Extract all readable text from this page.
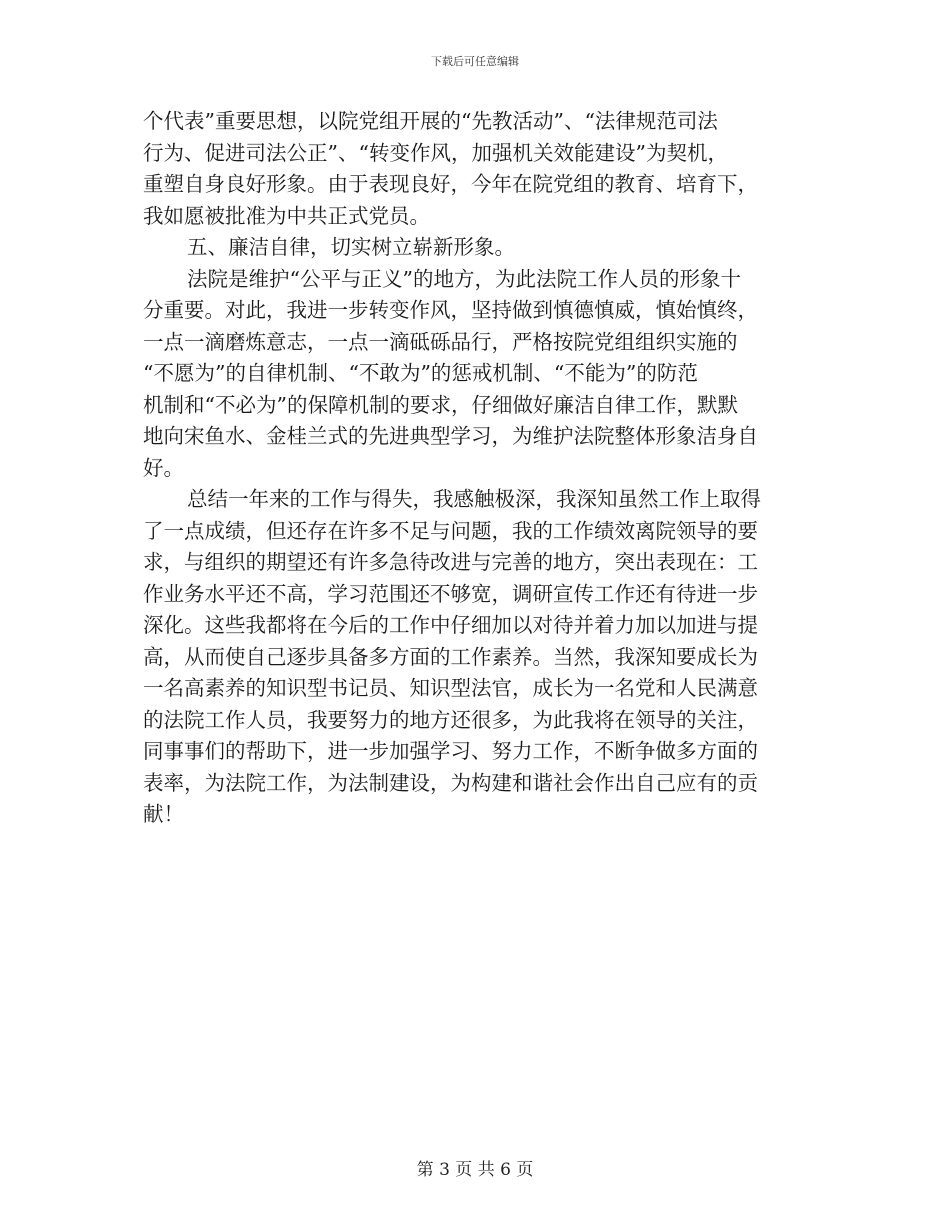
下载后可任意编辑
个代表”重要思想，以院党组开展的“先教活动”、“法律规范司法
行为、促进司法公正”、“转变作风，加强机关效能建设”为契机，
重塑自身良好形象。由于表现良好，今年在院党组的教育、培育下，
我如愿被批准为中共正式党员。
五、廉洁自律，切实树立崭新形象。
法院是维护“公平与正义”的地方，为此法院工作人员的形象十
分重要。对此，我进一步转变作风，坚持做到慎德慎威，慎始慎终，
一点一滴磨炼意志，一点一滴砥砾品行，严格按院党组组织实施的
“不愿为”的自律机制、“不敢为”的惩戒机制、“不能为”的防范
机制和“不必为”的保障机制的要求，仔细做好廉洁自律工作，默默
地向宋鱼水、金桂兰式的先进典型学习，为维护法院整体形象洁身自
好。
总结一年来的工作与得失，我感触极深，我深知虽然工作上取得
了一点成绩，但还存在许多不足与问题，我的工作绩效离院领导的要
求，与组织的期望还有许多急待改进与完善的地方，突出表现在：工
作业务水平还不高，学习范围还不够宽，调研宣传工作还有待进一步
深化。这些我都将在今后的工作中仔细加以对待并着力加以加进与提
高，从而使自己逐步具备多方面的工作素养。当然，我深知要成长为
一名高素养的知识型书记员、知识型法官，成长为一名党和人民满意
的法院工作人员，我要努力的地方还很多，为此我将在领导的关注，
同事事们的帮助下，进一步加强学习、努力工作，不断争做多方面的
表率，为法院工作，为法制建设，为构建和谐社会作出自己应有的贡
献！
第 3 页 共 6 页
